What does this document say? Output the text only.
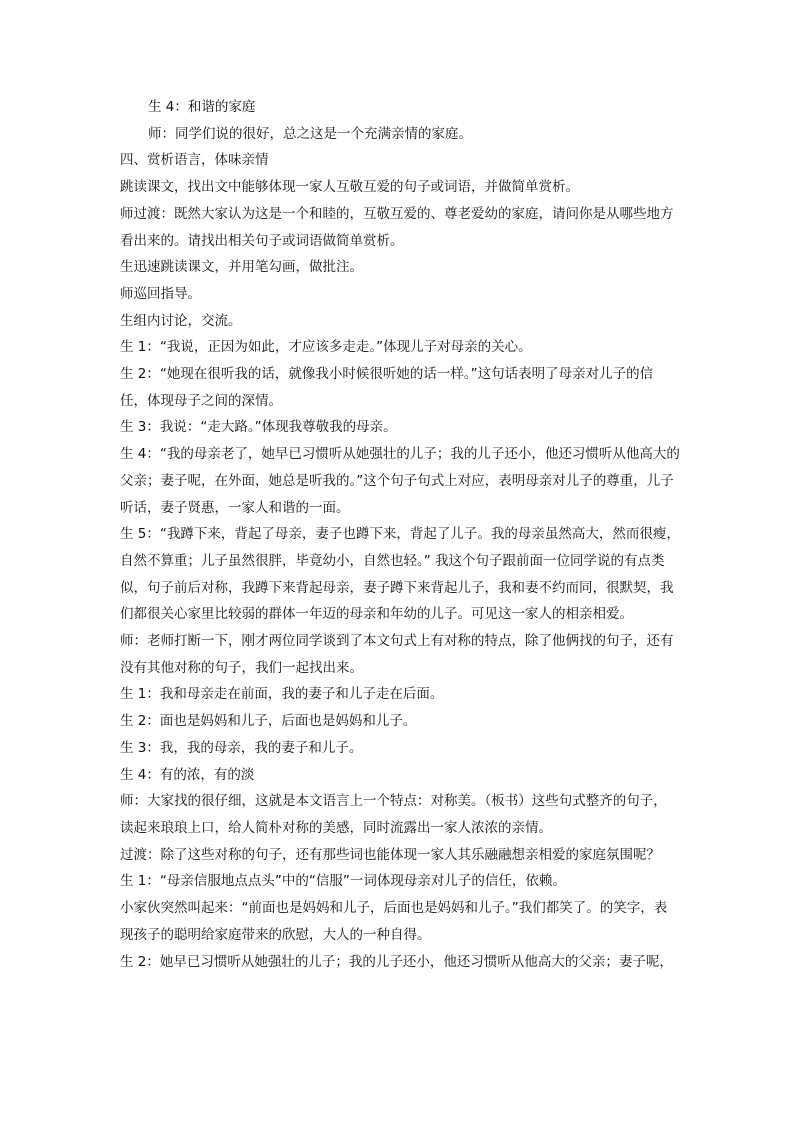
生 4：和谐的家庭
师：同学们说的很好，总之这是一个充满亲情的家庭。
四、赏析语言，体味亲情
跳读课文，找出文中能够体现一家人互敬互爱的句子或词语，并做简单赏析。
师过渡：既然大家认为这是一个和睦的，互敬互爱的、尊老爱幼的家庭，请问你是从哪些地方看出来的。请找出相关句子或词语做简单赏析。
生迅速跳读课文，并用笔勾画，做批注。
师巡回指导。
生组内讨论，交流。
生 1：“我说，正因为如此，才应该多走走。”体现儿子对母亲的关心。
生 2：“她现在很听我的话，就像我小时候很听她的话一样。”这句话表明了母亲对儿子的信任，体现母子之间的深情。
生 3：我说：“走大路。”体现我尊敬我的母亲。
生 4：“我的母亲老了，她早已习惯听从她强壮的儿子；我的儿子还小，他还习惯听从他高大的父亲；妻子呢，在外面，她总是听我的。”这个句子句式上对应，表明母亲对儿子的尊重，儿子听话，妻子贤惠，一家人和谐的一面。
生 5：“我蹲下来，背起了母亲，妻子也蹲下来，背起了儿子。我的母亲虽然高大，然而很瘦，自然不算重；儿子虽然很胖，毕竟幼小，自然也轻。” 我这个句子跟前面一位同学说的有点类似，句子前后对称，我蹲下来背起母亲，妻子蹲下来背起儿子，我和妻不约而同，很默契，我们都很关心家里比较弱的群体一年迈的母亲和年幼的儿子。可见这一家人的相亲相爱。
师：老师打断一下，刚才两位同学谈到了本文句式上有对称的特点，除了他俩找的句子，还有没有其他对称的句子，我们一起找出来。
生 1：我和母亲走在前面，我的妻子和儿子走在后面。
生 2：面也是妈妈和儿子，后面也是妈妈和儿子。
生 3：我，我的母亲，我的妻子和儿子。
生 4：有的浓，有的淡
师：大家找的很仔细，这就是本文语言上一个特点：对称美。（板书）这些句式整齐的句子，读起来琅琅上口，给人简朴对称的美感，同时流露出一家人浓浓的亲情。
过渡：除了这些对称的句子，还有那些词也能体现一家人其乐融融想亲相爱的家庭氛围呢？
生 1：“母亲信服地点点头”中的“信服”一词体现母亲对儿子的信任，依赖。
小家伙突然叫起来：“前面也是妈妈和儿子，后面也是妈妈和儿子。”我们都笑了。的笑字，表现孩子的聪明给家庭带来的欣慰，大人的一种自得。
生 2：她早已习惯听从她强壮的儿子；我的儿子还小，他还习惯听从他高大的父亲；妻子呢，
